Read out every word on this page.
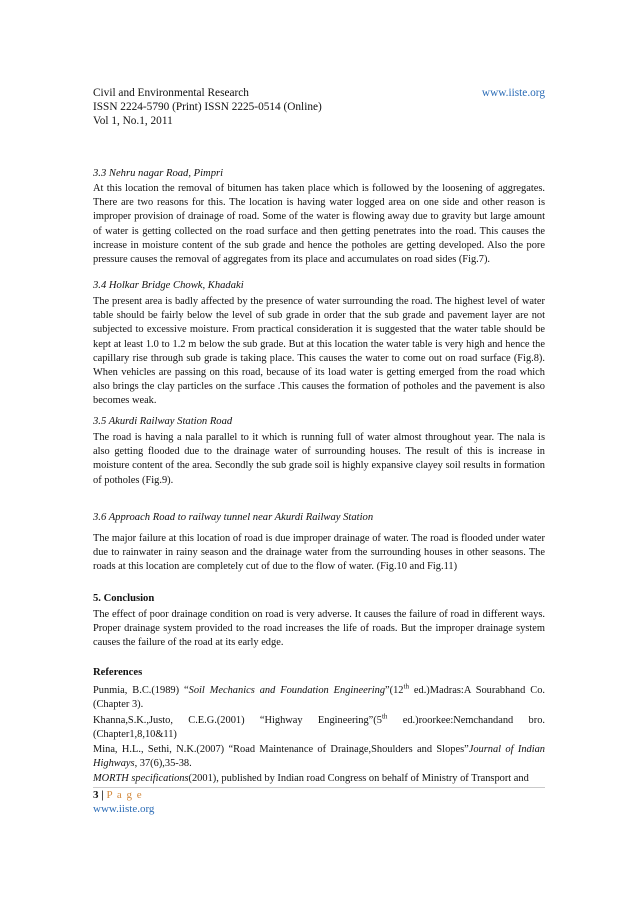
Civil and Environmental Research	www.iiste.org
ISSN 2224-5790 (Print) ISSN 2225-0514 (Online)
Vol 1, No.1, 2011
3.3 Nehru nagar Road, Pimpri

At this location the removal of bitumen has taken place which is followed by the loosening of aggregates. There are two reasons for this. The location is having water logged area on one side and other reason is improper provision of drainage of road. Some of the water is flowing away due to gravity but large amount of water is getting collected on the road surface and then getting penetrates into the road. This causes the increase in moisture content of the sub grade and hence the potholes are getting developed. Also the pore pressure causes the removal of aggregates from its place and accumulates on road sides (Fig.7).

3.4 Holkar Bridge Chowk, Khadaki

The present area is badly affected by the presence of water surrounding the road. The highest level of water table should be fairly below the level of sub grade in order that the sub grade and pavement layer are not subjected to excessive moisture. From practical consideration it is suggested that the water table should be kept at least 1.0 to 1.2 m below the sub grade. But at this location the water table is very high and hence the capillary rise through sub grade is taking place. This causes the water to come out on road surface (Fig.8). When vehicles are passing on this road, because of its load water is getting emerged from the road which also brings the clay particles on the surface .This causes the formation of potholes and the pavement is also becomes weak.

3.5 Akurdi Railway Station Road

The road is having a nala parallel to it which is running full of water almost throughout year. The nala is also getting flooded due to the drainage water of surrounding houses. The result of this is increase in moisture content of the area. Secondly the sub grade soil is highly expansive clayey soil results in formation of potholes (Fig.9).

3.6 Approach Road to railway tunnel near Akurdi Railway Station

The major failure at this location of road is due improper drainage of water. The road is flooded under water due to rainwater in rainy season and the drainage water from the surrounding houses in other seasons. The roads at this location are completely cut of due to the flow of water. (Fig.10 and Fig.11)

5. Conclusion

The effect of poor drainage condition on road is very adverse. It causes the failure of road in different ways. Proper drainage system provided to the road increases the life of roads. But the improper drainage system causes the failure of the road at its early edge.

References

Punmia, B.C.(1989) “Soil Mechanics and Foundation Engineering”(12th ed.)Madras:A Sourabhand Co.(Chapter 3).

Khanna,S.K.,Justo, C.E.G.(2001) “Highway Engineering”(5th ed.)roorkee:Nemchandand bro.(Chapter1,8,10&11)

Mina, H.L., Sethi, N.K.(2007) “Road Maintenance of Drainage,Shoulders and Slopes”Journal of Indian Highways, 37(6),35-38.

MORTH specifications(2001), published by Indian road Congress on behalf of Ministry of Transport and

3 | P a g e
www.iiste.org
